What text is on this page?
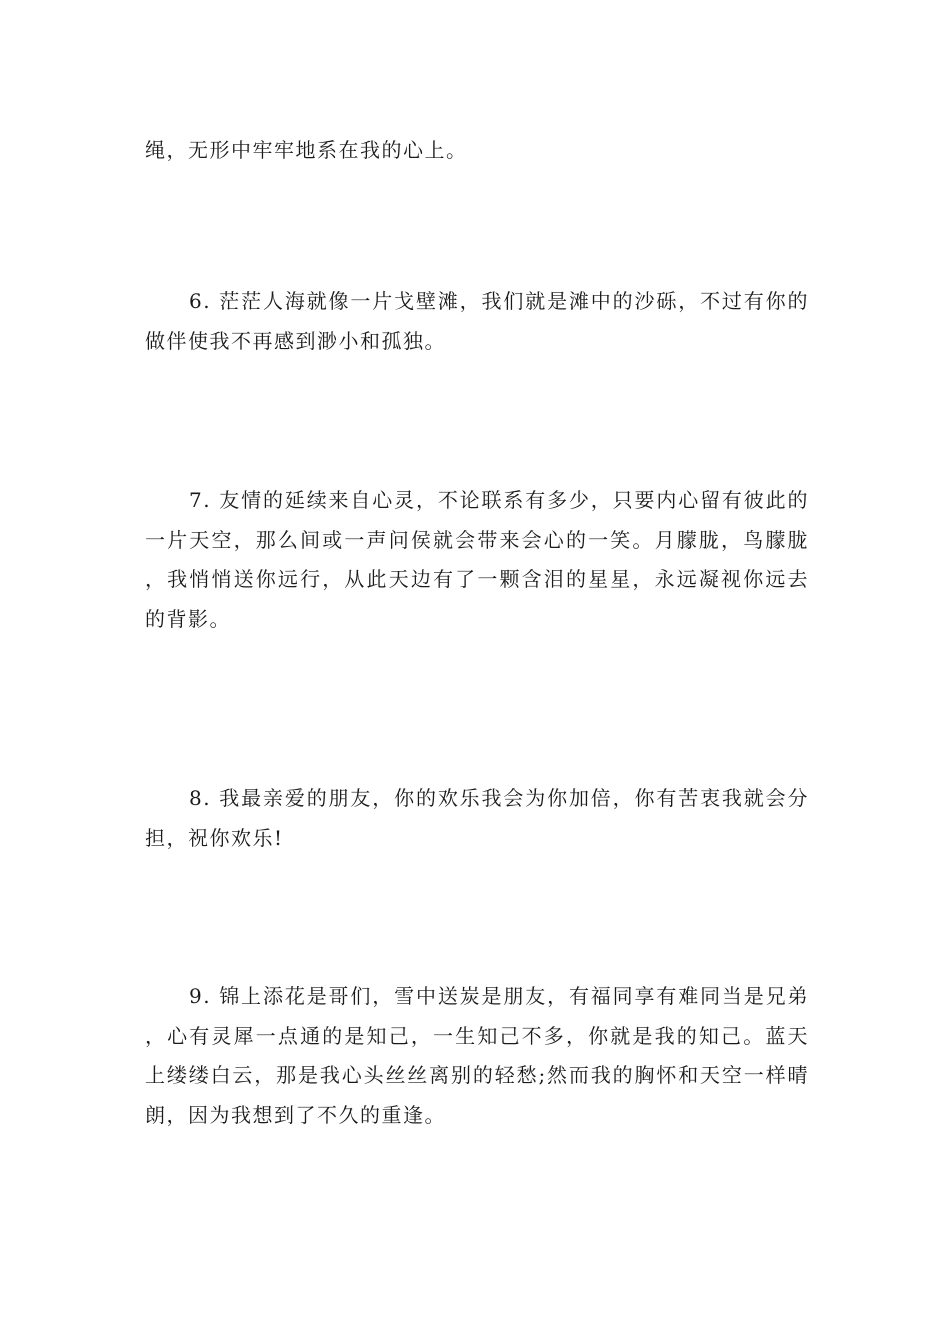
绳，无形中牢牢地系在我的心上。

6. 茫茫人海就像一片戈壁滩，我们就是滩中的沙砾，不过有你的做伴使我不再感到渺小和孤独。

7. 友情的延续来自心灵，不论联系有多少，只要内心留有彼此的一片天空，那么间或一声问侯就会带来会心的一笑。月朦胧，鸟朦胧，我悄悄送你远行，从此天边有了一颗含泪的星星，永远凝视你远去的背影。

8. 我最亲爱的朋友，你的欢乐我会为你加倍，你有苦衷我就会分担，祝你欢乐!

9. 锦上添花是哥们，雪中送炭是朋友，有福同享有难同当是兄弟，心有灵犀一点通的是知己，一生知己不多，你就是我的知己。蓝天上缕缕白云，那是我心头丝丝离别的轻愁;然而我的胸怀和天空一样晴朗，因为我想到了不久的重逢。
